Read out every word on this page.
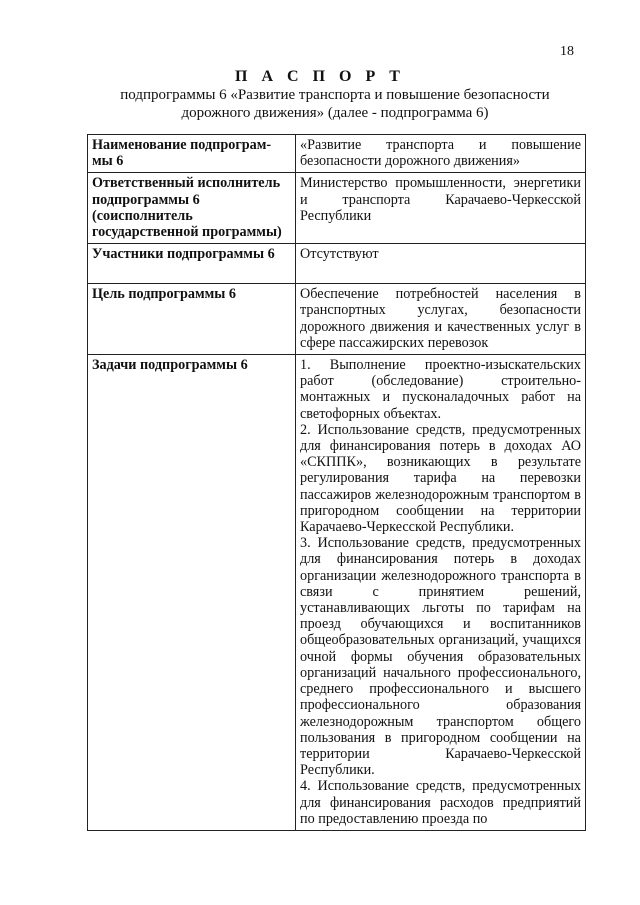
18
П А С П О Р Т
подпрограммы 6 «Развитие транспорта и повышение безопасности
дорожного движения» (далее - подпрограмма 6)
Наименование подпрограм-мы 6	«Развитие транспорта и повышение безопасности дорожного движения»
Ответственный исполнитель подпрограммы 6 (соисполнитель государственной программы)	Министерство промышленности, энергетики и транспорта Карачаево-Черкесской Республики
Участники подпрограммы 6	Отсутствуют
Цель подпрограммы 6	Обеспечение потребностей населения в транспортных услугах, безопасности дорожного движения и качественных услуг в сфере пассажирских перевозок
Задачи подпрограммы 6	1. Выполнение проектно-изыскательских работ (обследование) строительно-монтажных и пусконаладочных работ на светофорных объектах.

2. Использование средств, предусмотренных для финансирования потерь в доходах АО «СКППК», возникающих в результате регулирования тарифа на перевозки пассажиров железнодорожным транспортом в пригородном сообщении на территории Карачаево-Черкесской Республики.

3. Использование средств, предусмотренных для финансирования потерь в доходах организации железнодорожного транспорта в связи с принятием решений, устанавливающих льготы по тарифам на проезд обучающихся и воспитанников общеобразовательных организаций, учащихся очной формы обучения образовательных организаций начального профессионального, среднего профессионального и высшего профессионального образования железнодорожным транспортом общего пользования в пригородном сообщении на территории Карачаево-Черкесской Республики.

4. Использование средств, предусмотренных для финансирования расходов предприятий по предоставлению проезда по
